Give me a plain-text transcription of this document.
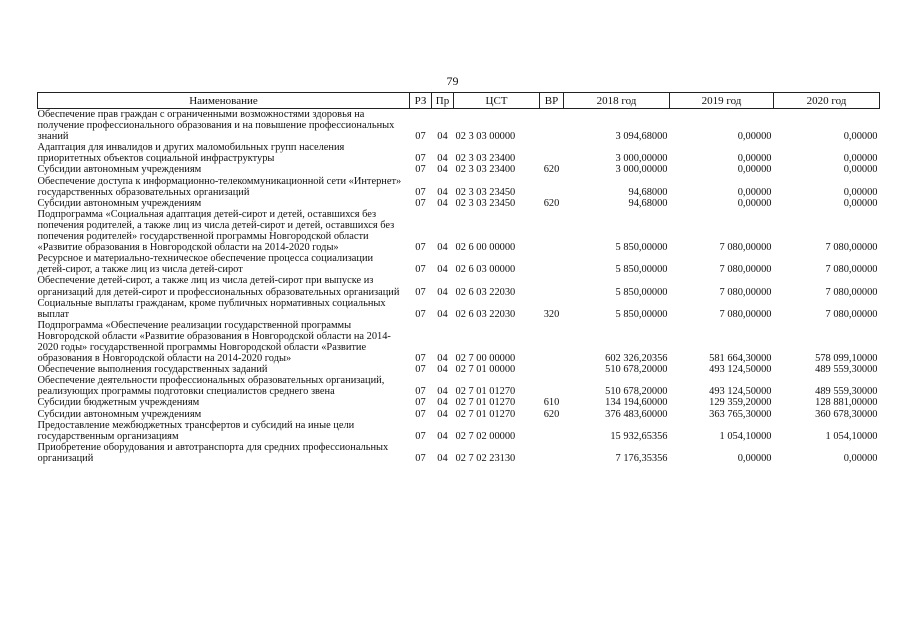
79
Наименование	РЗ	Пр	ЦСТ	ВР	2018 год	2019 год	2020 год
Обеспечение прав граждан с ограниченными возможностями здоровья на получение профессионального образования и на повышение профессиональных знаний	07	04	02 3 03 00000		3 094,68000	0,00000	0,00000
Адаптация для инвалидов и других маломобильных групп населения приоритетных объектов социальной инфраструктуры	07	04	02 3 03 23400		3 000,00000	0,00000	0,00000
Субсидии автономным учреждениям	07	04	02 3 03 23400	620	3 000,00000	0,00000	0,00000
Обеспечение доступа к информационно-телекоммуникационной сети «Интернет» государственных образовательных организаций	07	04	02 3 03 23450		94,68000	0,00000	0,00000
Субсидии автономным учреждениям	07	04	02 3 03 23450	620	94,68000	0,00000	0,00000
Подпрограмма «Социальная адаптация детей-сирот и детей, оставшихся без попечения родителей, а также лиц из числа детей-сирот и детей, оставшихся без попечения родителей» государственной программы Новгородской области «Развитие образования в Новгородской области на 2014-2020 годы»	07	04	02 6 00 00000		5 850,00000	7 080,00000	7 080,00000
Ресурсное и материально-техническое обеспечение процесса социализации детей-сирот, а также лиц из числа детей-сирот	07	04	02 6 03 00000		5 850,00000	7 080,00000	7 080,00000
Обеспечение детей-сирот, а также лиц из числа детей-сирот при выпуске из организаций для детей-сирот и профессиональных образовательных организаций	07	04	02 6 03 22030		5 850,00000	7 080,00000	7 080,00000
Социальные выплаты гражданам, кроме публичных нормативных социальных выплат	07	04	02 6 03 22030	320	5 850,00000	7 080,00000	7 080,00000
Подпрограмма «Обеспечение реализации государственной программы Новгородской области «Развитие образования в Новгородской области на 2014-2020 годы» государственной программы Новгородской области «Развитие образования в Новгородской области на 2014-2020 годы»	07	04	02 7 00 00000		602 326,20356	581 664,30000	578 099,10000
Обеспечение выполнения государственных заданий	07	04	02 7 01 00000		510 678,20000	493 124,50000	489 559,30000
Обеспечение деятельности профессиональных образовательных организаций, реализующих программы подготовки специалистов среднего звена	07	04	02 7 01 01270		510 678,20000	493 124,50000	489 559,30000
Субсидии бюджетным учреждениям	07	04	02 7 01 01270	610	134 194,60000	129 359,20000	128 881,00000
Субсидии автономным учреждениям	07	04	02 7 01 01270	620	376 483,60000	363 765,30000	360 678,30000
Предоставление межбюджетных трансфертов и субсидий на иные цели государственным организациям	07	04	02 7 02 00000		15 932,65356	1 054,10000	1 054,10000
Приобретение оборудования и автотранспорта для средних профессиональных организаций	07	04	02 7 02 23130		7 176,35356	0,00000	0,00000
